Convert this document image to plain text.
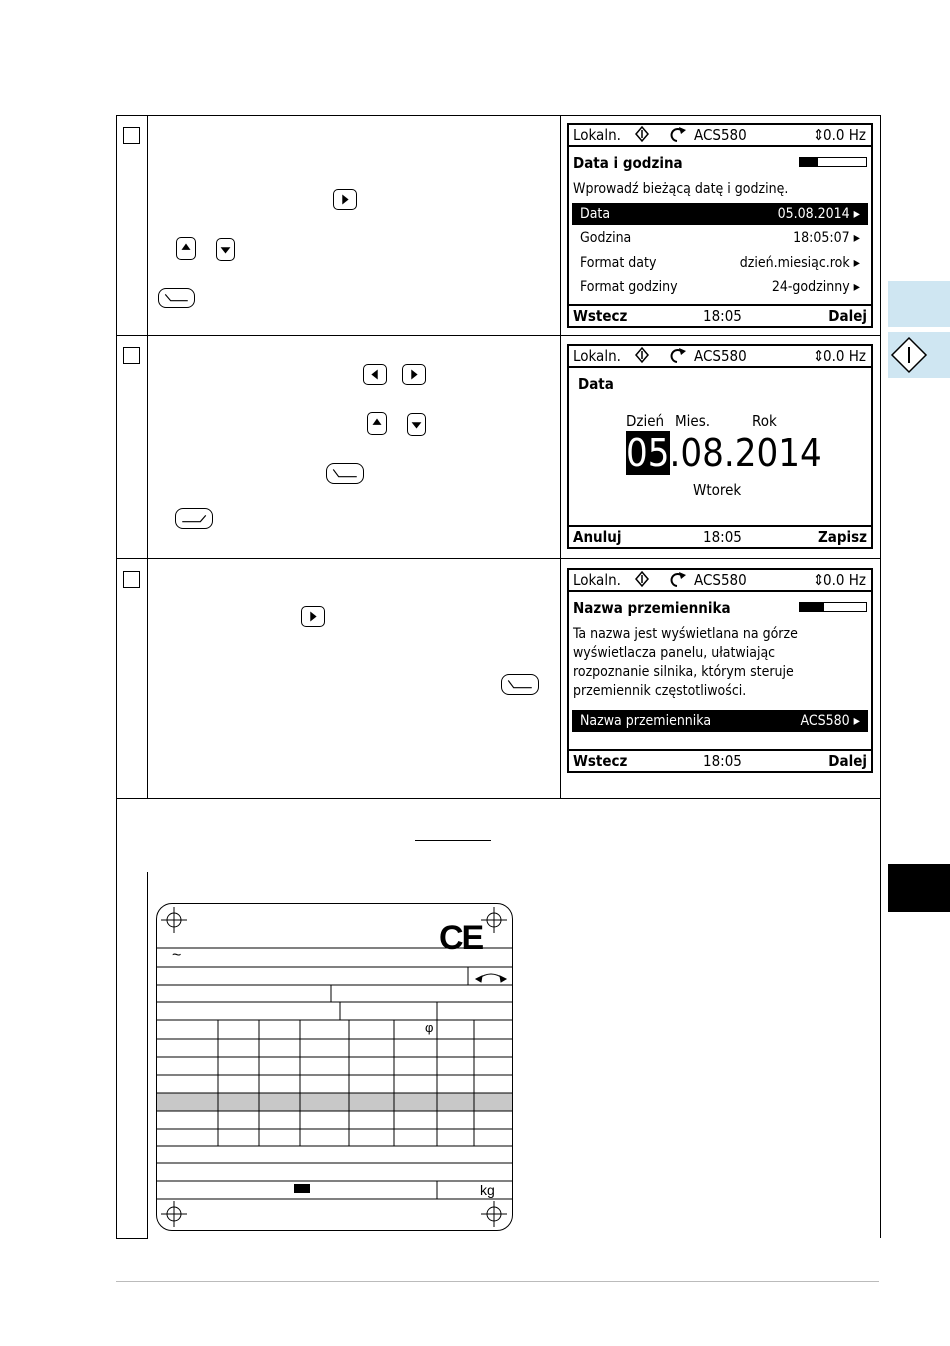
Lokaln.	ACS580	⇕
0.0 Hz
Data i godzina
Wprowadź bieżącą datę i godzinę.
Data	05.08.2014 ▸
Godzina	18:05:07 ▸
Format daty	dzień.miesiąc.rok ▸
Format godziny	24-godzinny ▸
Wstecz	18:05	Dalej
Lokaln.	ACS580	⇕
0.0 Hz
Data
Dzień Mies.	Rok
05.08.2014
Wtorek
Anuluj	18:05	Zapisz
Lokaln.	ACS580	⇕
0.0 Hz
Nazwa przemiennika
Ta nazwa jest wyświetlana na górze
wyświetlacza panelu, ułatwiając
rozpoznanie silnika, którym steruje
przemiennik częstotliwości.
Nazwa przemiennika	ACS580 ▸
Wstecz	18:05	Dalej
CE
~
φ
kg
